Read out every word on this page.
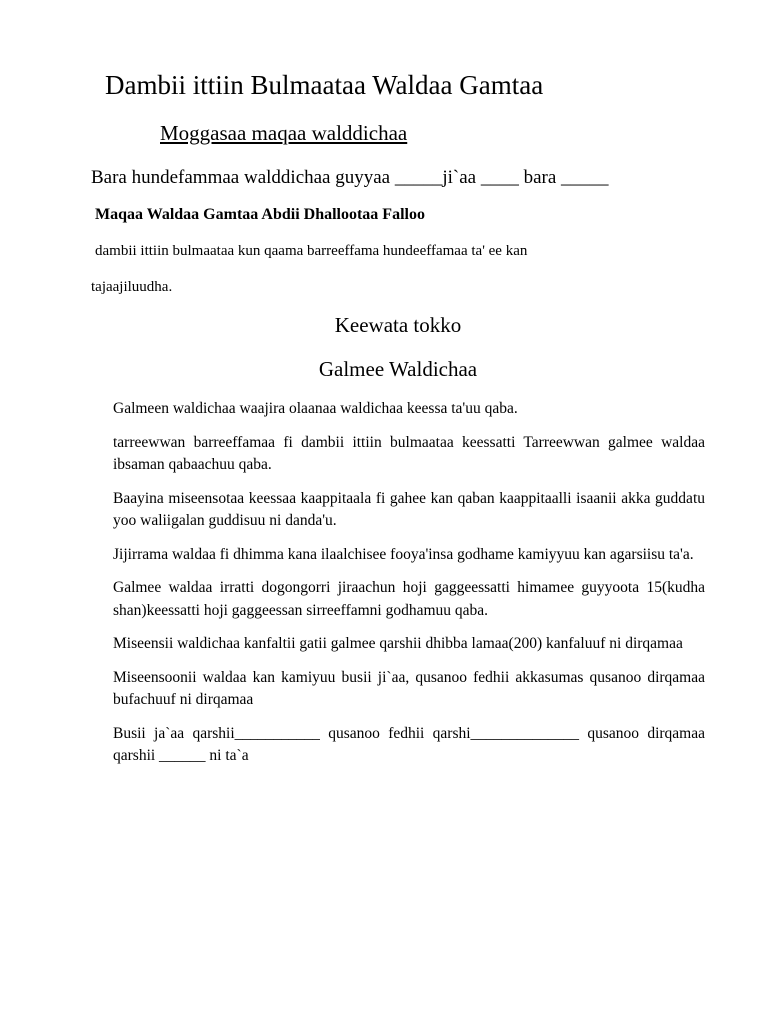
Dambii ittiin Bulmaataa Waldaa Gamtaa
Moggasaa maqaa walddichaa
Bara hundefammaa walddichaa guyyaa _____ji`aa ____ bara _____
Maqaa Waldaa Gamtaa Abdii Dhallootaa Falloo
dambii ittiin bulmaataa kun qaama barreeffama hundeeffamaa ta' ee kan
tajaajiluudha.
Keewata tokko
Galmee Waldichaa

Galmeen waldichaa waajira olaanaa waldichaa keessa ta'uu qaba.

tarreewwan barreeffamaa fi dambii ittiin bulmaataa keessatti Tarreewwan galmee waldaa ibsaman qabaachuu qaba.

Baayina miseensotaa keessaa kaappitaala fi gahee kan qaban kaappitaalli isaanii akka guddatu yoo waliigalan guddisuu ni danda'u.

Jijirrama waldaa fi dhimma kana ilaalchisee fooya'insa godhame kamiyyuu kan agarsiisu ta'a.

Galmee waldaa irratti dogongorri jiraachun hoji gaggeessatti himamee guyyoota 15(kudha shan)keessatti hoji gaggeessan sirreeffamni godhamuu qaba.

Miseensii waldichaa kanfaltii gatii galmee qarshii dhibba lamaa(200) kanfaluuf ni dirqamaa

Miseensoonii waldaa kan kamiyuu busii ji`aa, qusanoo fedhii akkasumas qusanoo dirqamaa bufachuuf ni dirqamaa

Busii ja`aa qarshii___________ qusanoo fedhii qarshi______________ qusanoo dirqamaa qarshii ______ ni ta`a
